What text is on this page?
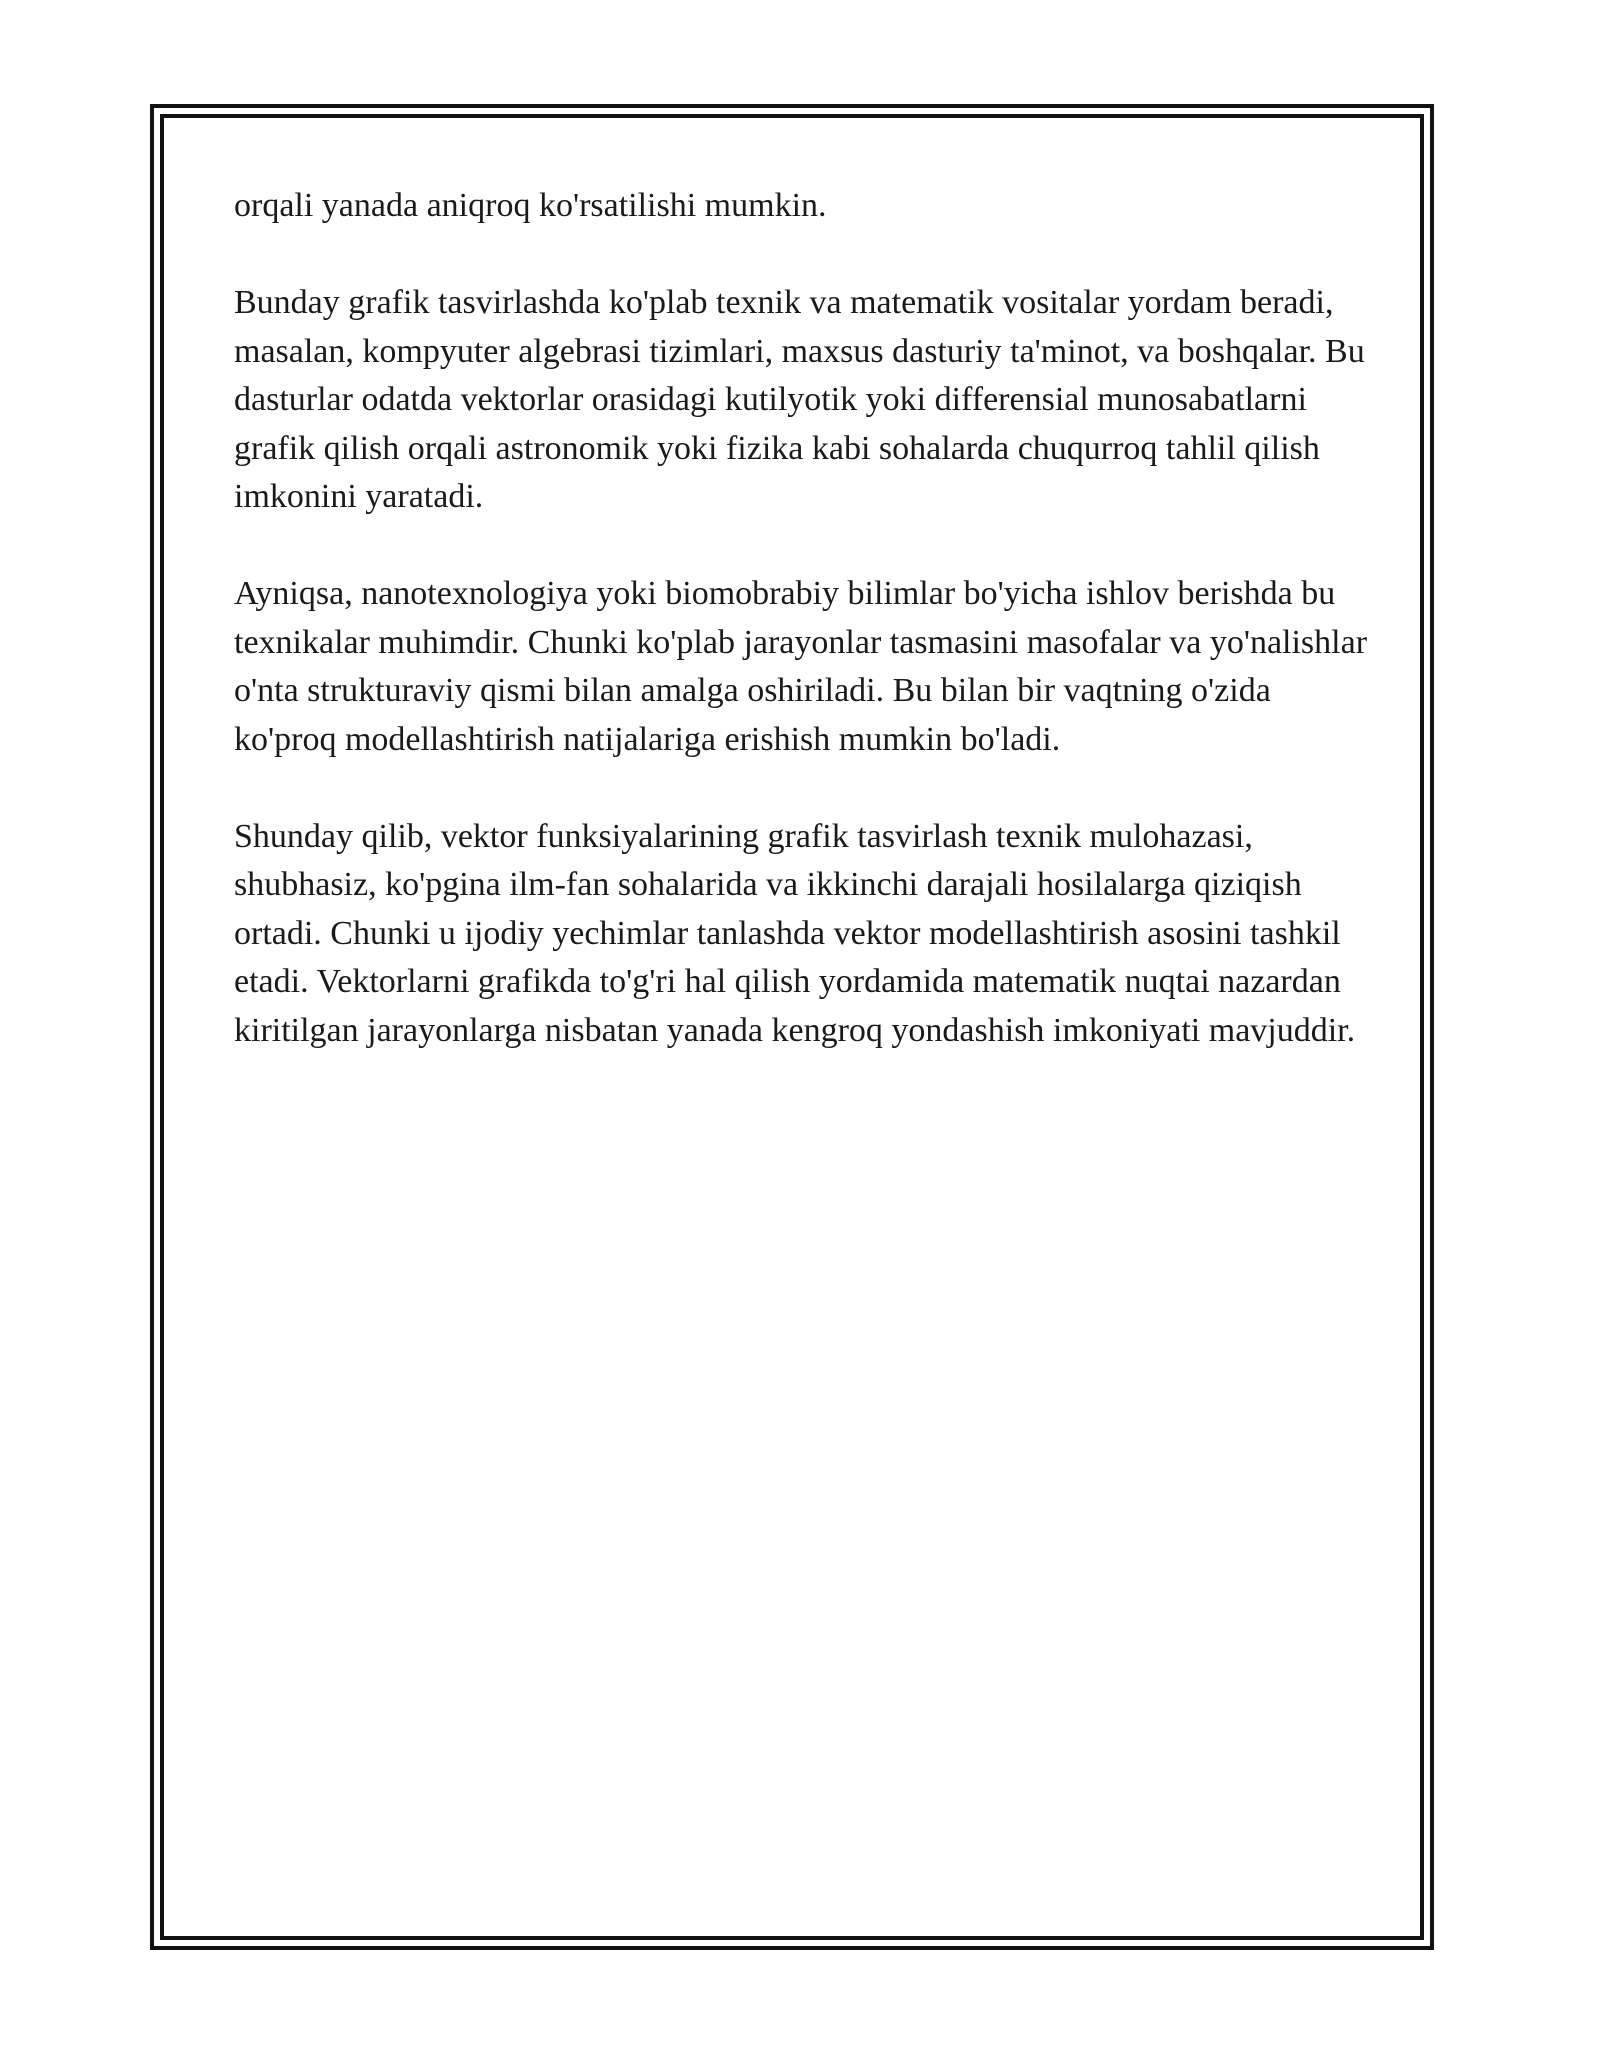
orqali yanada aniqroq ko'rsatilishi mumkin.

Bunday grafik tasvirlashda ko'plab texnik va matematik vositalar yordam beradi, masalan, kompyuter algebrasi tizimlari, maxsus dasturiy ta'minot, va boshqalar. Bu dasturlar odatda vektorlar orasidagi kutilyotik yoki differensial munosabatlarni grafik qilish orqali astronomik yoki fizika kabi sohalarda chuqurroq tahlil qilish imkonini yaratadi.

Ayniqsa, nanotexnologiya yoki biomobrabiy bilimlar bo'yicha ishlov berishda bu texnikalar muhimdir. Chunki ko'plab jarayonlar tasmasini masofalar va yo'nalishlar o'nta strukturaviy qismi bilan amalga oshiriladi. Bu bilan bir vaqtning o'zida ko'proq modellashtirish natijalariga erishish mumkin bo'ladi.

Shunday qilib, vektor funksiyalarining grafik tasvirlash texnik mulohazasi, shubhasiz, ko'pgina ilm-fan sohalarida va ikkinchi darajali hosilalarga qiziqish ortadi. Chunki u ijodiy yechimlar tanlashda vektor modellashtirish asosini tashkil etadi. Vektorlarni grafikda to'g'ri hal qilish yordamida matematik nuqtai nazardan kiritilgan jarayonlarga nisbatan yanada kengroq yondashish imkoniyati mavjuddir.
